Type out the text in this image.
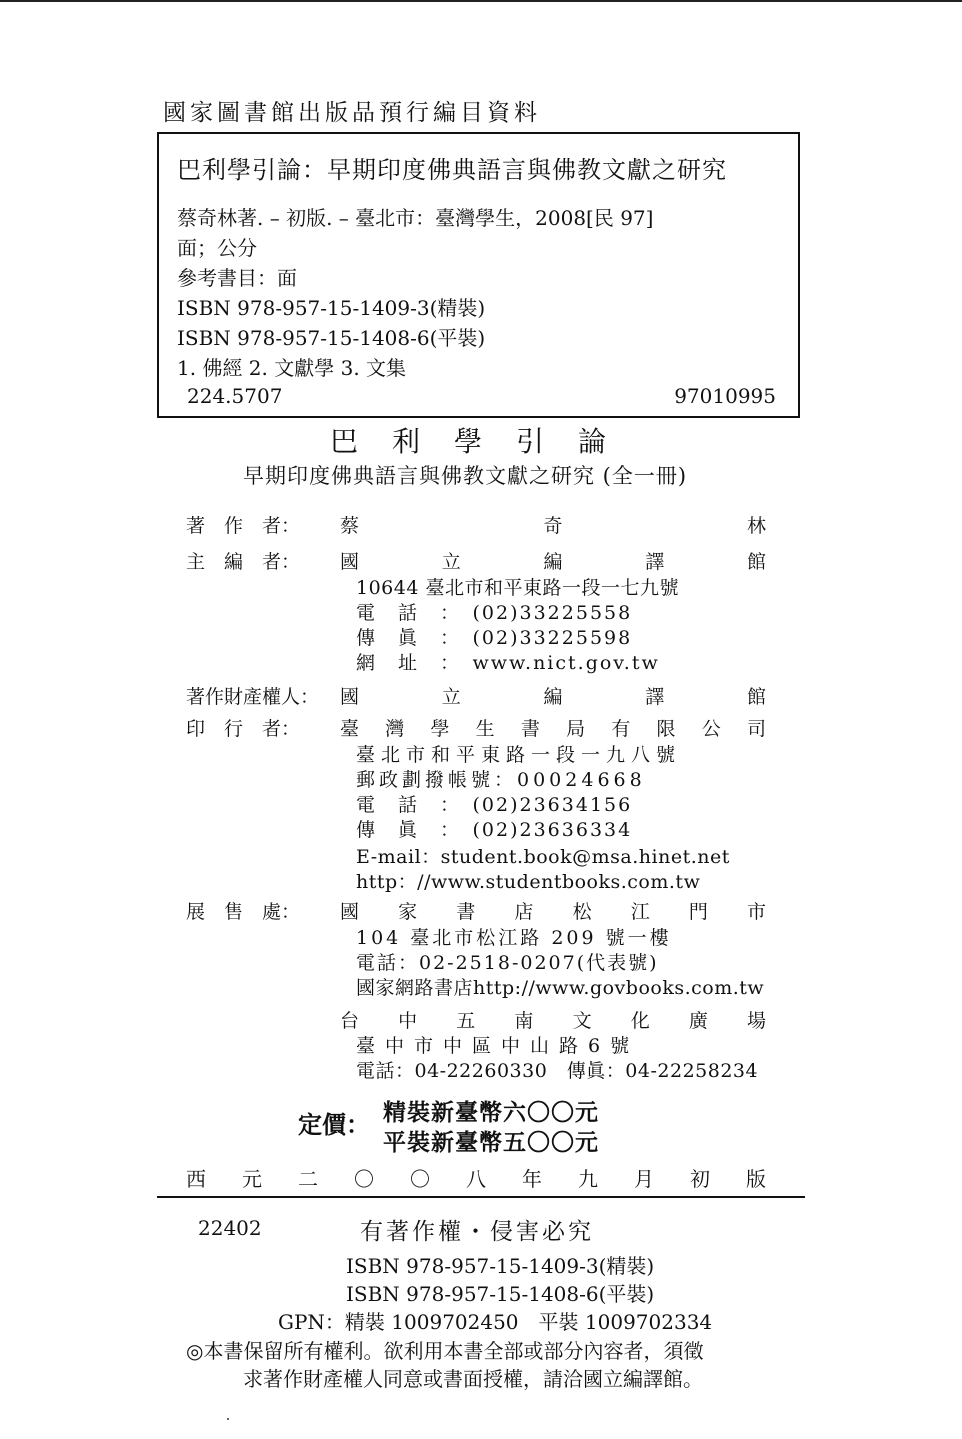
國家圖書館出版品預行編目資料
巴利學引論：早期印度佛典語言與佛教文獻之研究
蔡奇林著. – 初版. – 臺北市：臺灣學生，2008[民 97]
面；公分
參考書目：面
ISBN 978-957-15-1409-3(精裝)
ISBN 978-957-15-1408-6(平裝)
1. 佛經 2. 文獻學 3. 文集
224.5707	97010995
巴利學引論
早期印度佛典語言與佛教文獻之研究 (全一冊)
著　作　者： 蔡	奇	林
主　編　者： 國	立	編	譯	館
10644 臺北市和平東路一段一七九號
電　話　：　(02)33225558
傳　眞　：　(02)33225598
網　址　：　www.nict.gov.tw
著作財產權人： 國	立	編	譯	館
印　行　者： 臺 灣 學 生 書 局 有 限 公 司
臺北市和平東路一段一九八號
郵政劃撥帳號：00024668
電　話　：　(02)23634156
傳　眞　：　(02)23636334
E-mail：student.book@msa.hinet.net
http：//www.studentbooks.com.tw
展　售　處： 國 家 書 店 松 江 門 市
104 臺北市松江路 209 號一樓
電話：02-2518-0207(代表號)
國家網路書店http://www.govbooks.com.tw
台 中 五 南 文 化 廣 場
臺中市中區中山路6號
電話：04-22260330　傳眞：04-22258234
定價： 精裝新臺幣六〇〇元
平裝新臺幣五〇〇元
西 元 二 〇 〇 八 年 九 月 初 版
22402	有著作權・侵害必究
ISBN 978-957-15-1409-3(精裝)
ISBN 978-957-15-1408-6(平裝)
GPN：精裝 1009702450　平裝 1009702334
◎本書保留所有權利。欲利用本書全部或部分內容者，須徵
求著作財產權人同意或書面授權，請洽國立編譯館。
